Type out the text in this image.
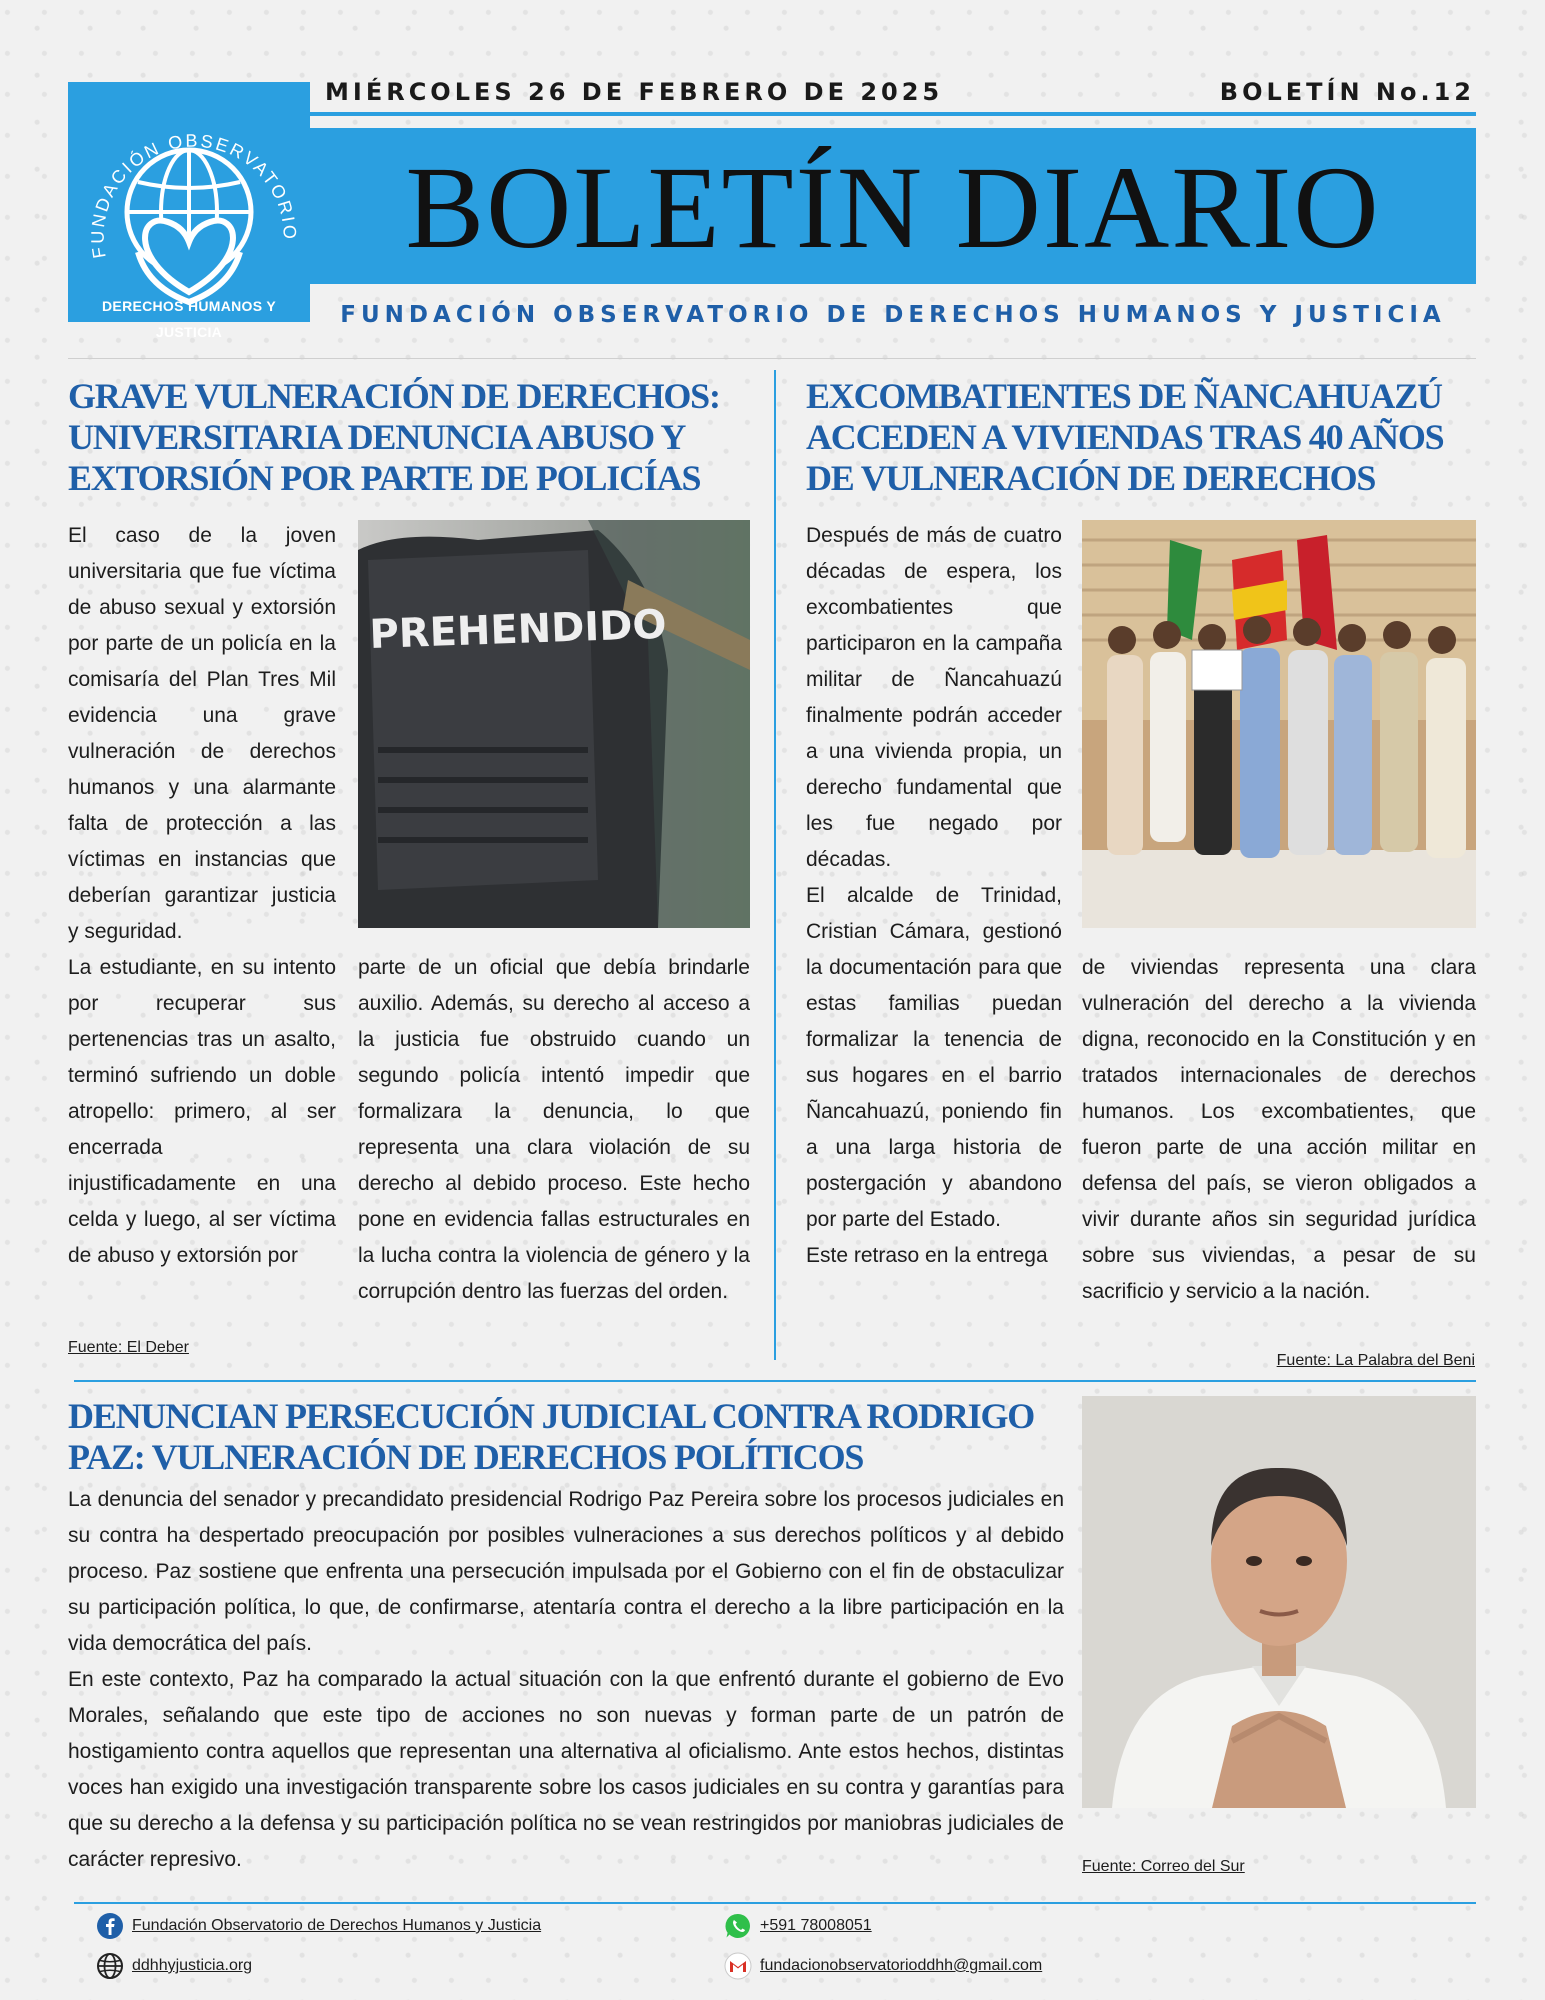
FUNDACIÓN OBSERVATORIO
DERECHOS HUMANOS Y JUSTICIA
MIÉRCOLES 26 DE FEBRERO DE 2025	BOLETÍN No.12
BOLETÍN DIARIO
FUNDACIÓN OBSERVATORIO DE DERECHOS HUMANOS Y JUSTICIA
GRAVE VULNERACIÓN DE DERECHOS: UNIVERSITARIA DENUNCIA ABUSO Y EXTORSIÓN POR PARTE DE POLICÍAS

El caso de la joven universitaria que fue víctima de abuso sexual y extorsión por parte de un policía en la comisaría del Plan Tres Mil evidencia una grave vulneración de derechos humanos y una alarmante falta de protección a las víctimas en instancias que deberían garantizar justicia y seguridad.

La estudiante, en su intento por recuperar sus pertenencias tras un asalto, terminó sufriendo un doble atropello: primero, al ser encerrada injustificadamente en una celda y luego, al ser víctima de abuso y extorsión por

PREHENDIDO

parte de un oficial que debía brindarle auxilio. Además, su derecho al acceso a la justicia fue obstruido cuando un segundo policía intentó impedir que formalizara la denuncia, lo que representa una clara violación de su derecho al debido proceso. Este hecho pone en evidencia fallas estructurales en la lucha contra la violencia de género y la corrupción dentro las fuerzas del orden.

Fuente: El Deber
EXCOMBATIENTES DE ÑANCAHUAZÚ ACCEDEN A VIVIENDAS TRAS 40 AÑOS DE VULNERACIÓN DE DERECHOS

Después de más de cuatro décadas de espera, los excombatientes que participaron en la campaña militar de Ñancahuazú finalmente podrán acceder a una vivienda propia, un derecho fundamental que les fue negado por décadas.

El alcalde de Trinidad, Cristian Cámara, gestionó la documentación para que estas familias puedan formalizar la tenencia de sus hogares en el barrio Ñancahuazú, poniendo fin a una larga historia de postergación y abandono por parte del Estado.

Este retraso en la entrega

de viviendas representa una clara vulneración del derecho a la vivienda digna, reconocido en la Constitución y en tratados internacionales de derechos humanos. Los excombatientes, que fueron parte de una acción militar en defensa del país, se vieron obligados a vivir durante años sin seguridad jurídica sobre sus viviendas, a pesar de su sacrificio y servicio a la nación.

Fuente: La Palabra del Beni
DENUNCIAN PERSECUCIÓN JUDICIAL CONTRA RODRIGO PAZ: VULNERACIÓN DE DERECHOS POLÍTICOS

La denuncia del senador y precandidato presidencial Rodrigo Paz Pereira sobre los procesos judiciales en su contra ha despertado preocupación por posibles vulneraciones a sus derechos políticos y al debido proceso. Paz sostiene que enfrenta una persecución impulsada por el Gobierno con el fin de obstaculizar su participación política, lo que, de confirmarse, atentaría contra el derecho a la libre participación en la vida democrática del país.

En este contexto, Paz ha comparado la actual situación con la que enfrentó durante el gobierno de Evo Morales, señalando que este tipo de acciones no son nuevas y forman parte de un patrón de hostigamiento contra aquellos que representan una alternativa al oficialismo. Ante estos hechos, distintas voces han exigido una investigación transparente sobre los casos judiciales en su contra y garantías para que su derecho a la defensa y su participación política no se vean restringidos por maniobras judiciales de carácter represivo.	Fuente: Correo del Sur
Fundación Observatorio de Derechos Humanos y Justicia	+591 78008051
ddhhyjusticia.org	fundacionobservatorioddhh@gmail.com
